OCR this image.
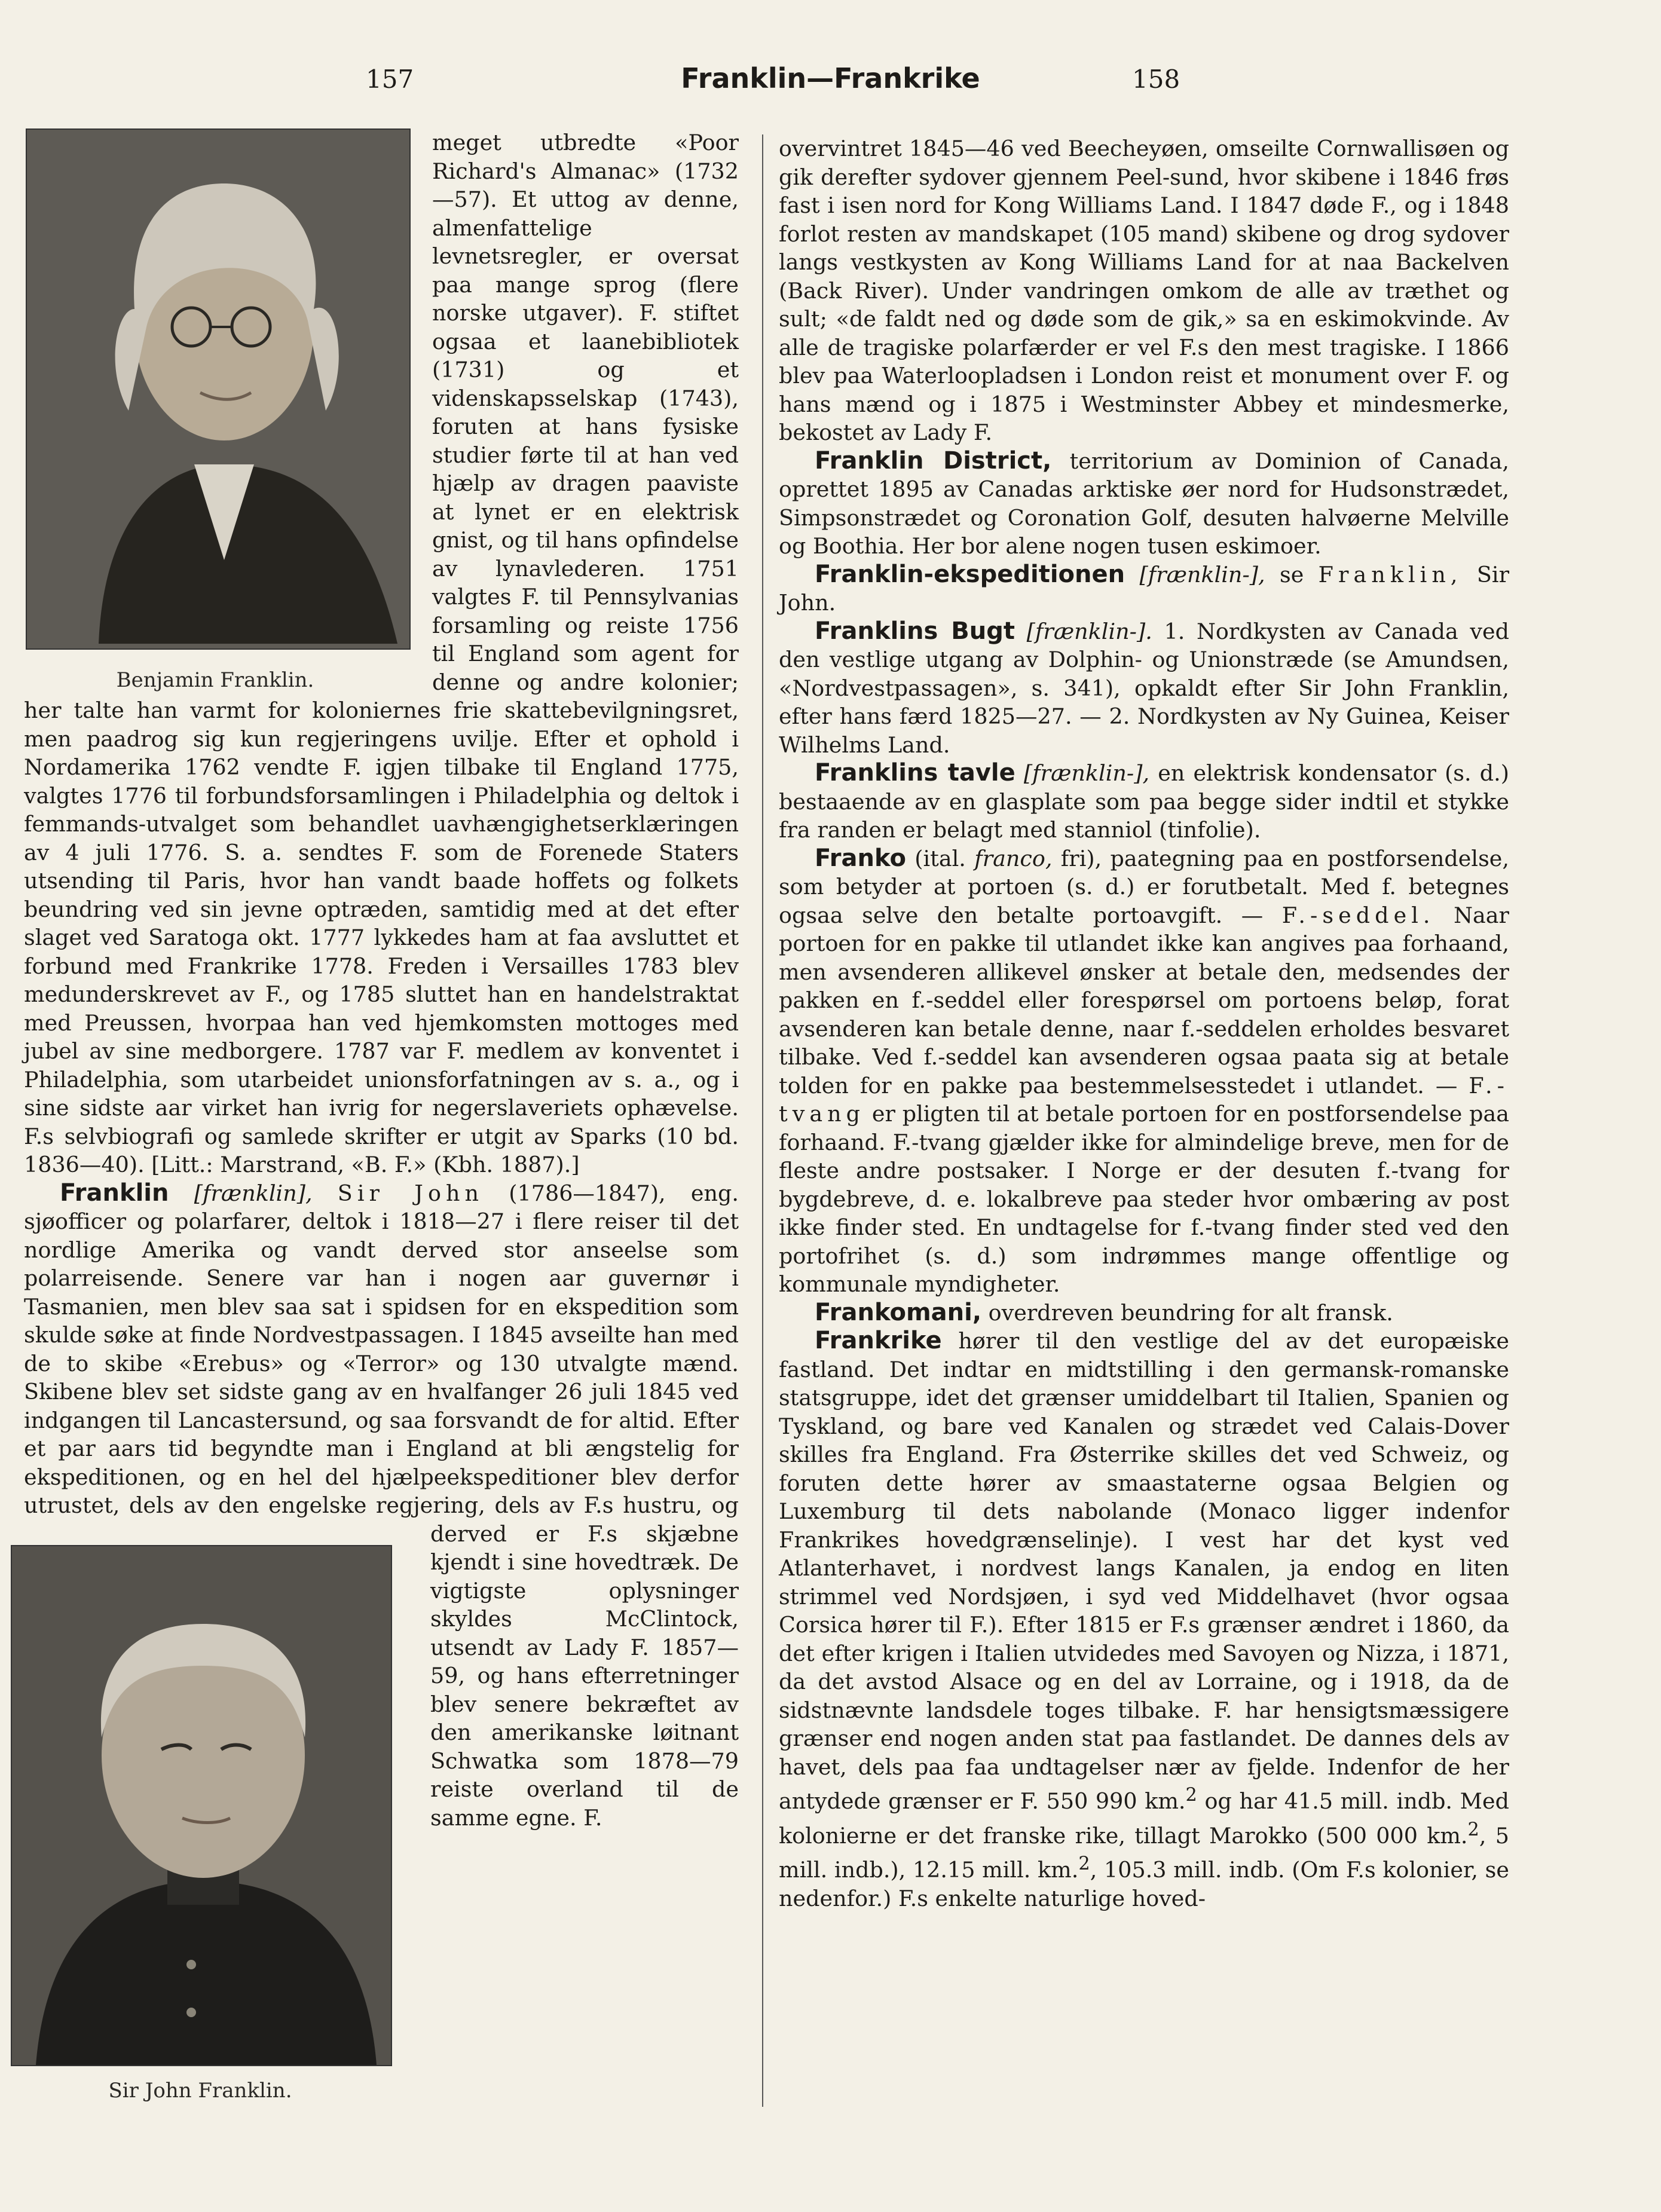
157	Franklin—Frankrike	158
Benjamin Franklin.

meget utbredte «Poor Richard's Almanac» (1732—57). Et uttog av denne, almenfattelige levnetsregler, er oversat paa mange sprog (flere norske utgaver). F. stiftet ogsaa et laanebibliotek (1731) og et videnskapsselskap (1743), foruten at hans fysiske studier førte til at han ved hjælp av dragen paaviste at lynet er en elektrisk gnist, og til hans opfindelse av lynavlederen. 1751 valgtes F. til Pennsylvanias forsamling og reiste 1756 til England som agent for denne og andre kolonier; her talte han varmt for koloniernes frie skattebevilgningsret, men paadrog sig kun regjeringens uvilje. Efter et ophold i Nordamerika 1762 vendte F. igjen tilbake til England 1775, valgtes 1776 til forbundsforsamlingen i Philadelphia og deltok i femmands-utvalget som behandlet uavhængighetserklæringen av 4 juli 1776. S. a. sendtes F. som de Forenede Staters utsending til Paris, hvor han vandt baade hoffets og folkets beundring ved sin jevne optræden, samtidig med at det efter slaget ved Saratoga okt. 1777 lykkedes ham at faa avsluttet et forbund med Frankrike 1778. Freden i Versailles 1783 blev medunderskrevet av F., og 1785 sluttet han en handelstraktat med Preussen, hvorpaa han ved hjemkomsten mottoges med jubel av sine medborgere. 1787 var F. medlem av konventet i Philadelphia, som utarbeidet unionsforfatningen av s. a., og i sine sidste aar virket han ivrig for negerslaveriets ophævelse. F.s selvbiografi og samlede skrifter er utgit av Sparks (10 bd. 1836—40). [Litt.: Marstrand, «B. F.» (Kbh. 1887).]

Franklin [frænklin], Sir John (1786—1847), eng. sjøofficer og polarfarer, deltok i 1818—27 i flere reiser til det nordlige Amerika og vandt derved stor anseelse som polarreisende. Senere var han i nogen aar guvernør i Tasmanien, men blev saa sat i spidsen for en ekspedition som skulde søke at finde Nordvestpassagen. I 1845 avseilte han med de to skibe «Erebus» og «Terror» og 130 utvalgte mænd. Skibene blev set sidste gang av en hvalfanger 26 juli 1845 ved indgangen til Lancastersund, og saa forsvandt de for altid. Efter et par aars tid begyndte man i England at bli ængstelig for ekspeditionen, og en hel del hjælpeekspeditioner blev derfor utrustet, dels av den engelske regjering, dels av F.s hustru, og
derved er F.s skjæbne kjendt i sine hovedtræk. De vigtigste oplysninger skyldes McClintock, utsendt av Lady F. 1857—59, og hans efterretninger blev senere bekræftet av den amerikanske løitnant Schwatka som 1878—79 reiste overland til de samme egne. F.

overvintret 1845—46 ved Beecheyøen, omseilte Cornwallisøen og gik derefter sydover gjennem Peel-sund, hvor skibene i 1846 frøs fast i isen nord for Kong Williams Land. I 1847 døde F., og i 1848 forlot resten av mandskapet (105 mand) skibene og drog sydover langs vestkysten av Kong Williams Land for at naa Backelven (Back River). Under vandringen omkom de alle av træthet og sult; «de faldt ned og døde som de gik,» sa en eskimokvinde. Av alle de tragiske polarfærder er vel F.s den mest tragiske. I 1866 blev paa Waterloopladsen i London reist et monument over F. og hans mænd og i 1875 i Westminster Abbey et mindesmerke, bekostet av Lady F.

Franklin District, territorium av Dominion of Canada, oprettet 1895 av Canadas arktiske øer nord for Hudsonstrædet, Simpsonstrædet og Coronation Golf, desuten halvøerne Melville og Boothia. Her bor alene nogen tusen eskimoer.

Franklin-ekspeditionen [frænklin-], se Franklin, Sir John.

Franklins Bugt [frænklin-]. 1. Nordkysten av Canada ved den vestlige utgang av Dolphin- og Unionstræde (se Amundsen, «Nordvestpassagen», s. 341), opkaldt efter Sir John Franklin, efter hans færd 1825—27. — 2. Nordkysten av Ny Guinea, Keiser Wilhelms Land.

Franklins tavle [frænklin-], en elektrisk kondensator (s. d.) bestaaende av en glasplate som paa begge sider indtil et stykke fra randen er belagt med stanniol (tinfolie).

Franko (ital. franco, fri), paategning paa en postforsendelse, som betyder at portoen (s. d.) er forutbetalt. Med f. betegnes ogsaa selve den betalte portoavgift. — F.-seddel. Naar portoen for en pakke til utlandet ikke kan angives paa forhaand, men avsenderen allikevel ønsker at betale den, medsendes der pakken en f.-seddel eller forespørsel om portoens beløp, forat avsenderen kan betale denne, naar f.-seddelen erholdes besvaret tilbake. Ved f.-seddel kan avsenderen ogsaa paata sig at betale tolden for en pakke paa bestemmelsesstedet i utlandet. — F.-tvang er pligten til at betale portoen for en postforsendelse paa forhaand. F.-tvang gjælder ikke for almindelige breve, men for de fleste andre postsaker. I Norge er der desuten f.-tvang for bygdebreve, d. e. lokalbreve paa steder hvor ombæring av post ikke finder sted. En undtagelse for f.-tvang finder sted ved den portofrihet (s. d.) som indrømmes mange offentlige og kommunale myndigheter.

Frankomani, overdreven beundring for alt fransk.

Frankrike hører til den vestlige del av det europæiske fastland. Det indtar en midtstilling i den germansk-romanske statsgruppe, idet det grænser umiddelbart til Italien, Spanien og Tyskland, og bare ved Kanalen og strædet ved Calais-Dover skilles fra England. Fra Østerrike skilles det ved Schweiz, og foruten dette hører av smaastaterne ogsaa Belgien og Luxemburg til dets nabolande (Monaco ligger indenfor Frankrikes hovedgrænselinje). I vest har det kyst ved Atlanterhavet, i nordvest langs Kanalen, ja endog en liten strimmel ved Nordsjøen, i syd ved Middelhavet (hvor ogsaa Corsica hører til F.). Efter 1815 er F.s grænser ændret i 1860, da det efter krigen i Italien utvidedes med Savoyen og Nizza, i 1871, da det avstod Alsace og en del av Lorraine, og i 1918, da de sidstnævnte landsdele toges tilbake. F. har hensigtsmæssigere grænser end nogen anden stat paa fastlandet. De dannes dels av havet, dels paa faa undtagelser nær av fjelde. Indenfor de her antydede grænser er F. 550 990 km.$^2$ og har 41.5 mill. indb. Med kolonierne er det franske rike, tillagt Marokko (500 000 km.$^2$, 5 mill. indb.), 12.15 mill. km.$^2$, 105.3 mill. indb. (Om F.s kolonier, se nedenfor.) F.s enkelte naturlige hoved-

Sir John Franklin.
